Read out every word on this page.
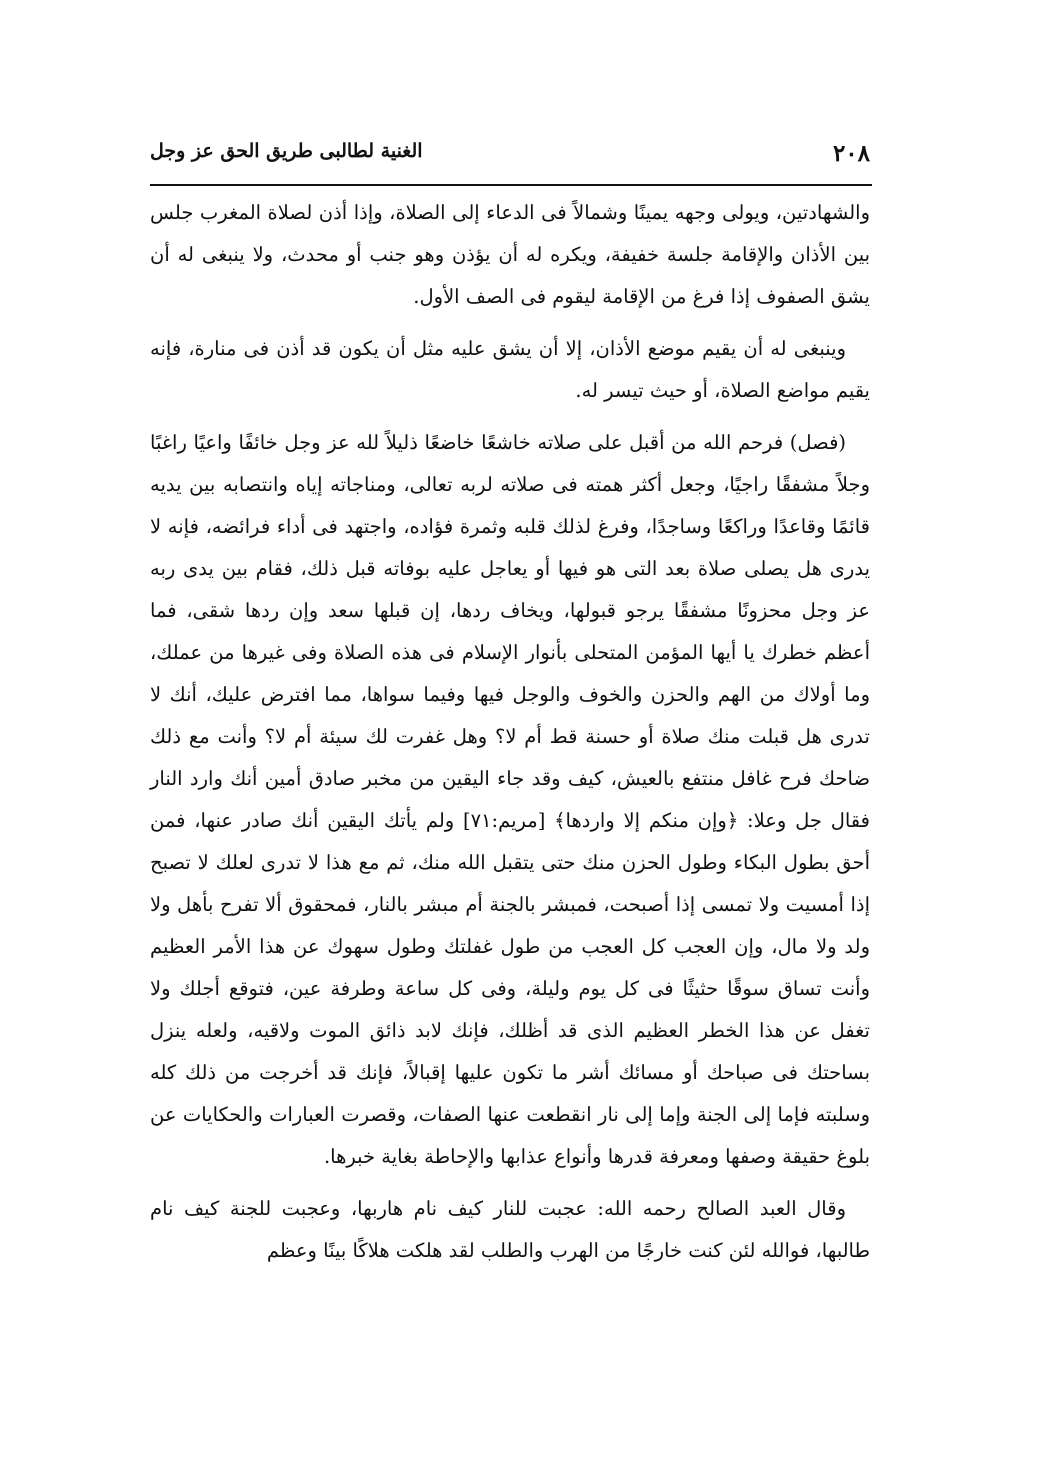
٢٠٨
الغنية لطالبى طريق الحق عز وجل

والشهادتين، ويولى وجهه يمينًا وشمالاً فى الدعاء إلى الصلاة، وإذا أذن لصلاة المغرب جلس بين الأذان والإقامة جلسة خفيفة، ويكره له أن يؤذن وهو جنب أو محدث، ولا ينبغى له أن يشق الصفوف إذا فرغ من الإقامة ليقوم فى الصف الأول.

وينبغى له أن يقيم موضع الأذان، إلا أن يشق عليه مثل أن يكون قد أذن فى منارة، فإنه يقيم مواضع الصلاة، أو حيث تيسر له.

(فصل) فرحم الله من أقبل على صلاته خاشعًا خاضعًا ذليلاً لله عز وجل خائفًا واعيًا راغبًا وجلاً مشفقًا راجيًا، وجعل أكثر همته فى صلاته لربه تعالى، ومناجاته إياه وانتصابه بين يديه قائمًا وقاعدًا وراكعًا وساجدًا، وفرغ لذلك قلبه وثمرة فؤاده، واجتهد فى أداء فرائضه، فإنه لا يدرى هل يصلى صلاة بعد التى هو فيها أو يعاجل عليه بوفاته قبل ذلك، فقام بين يدى ربه عز وجل محزونًا مشفقًا يرجو قبولها، ويخاف ردها، إن قبلها سعد وإن ردها شقى، فما أعظم خطرك يا أيها المؤمن المتحلى بأنوار الإسلام فى هذه الصلاة وفى غيرها من عملك، وما أولاك من الهم والحزن والخوف والوجل فيها وفيما سواها، مما افترض عليك، أنك لا تدرى هل قبلت منك صلاة أو حسنة قط أم لا؟ وهل غفرت لك سيئة أم لا؟ وأنت مع ذلك ضاحك فرح غافل منتفع بالعيش، كيف وقد جاء اليقين من مخبر صادق أمين أنك وارد النار فقال جل وعلا: ﴿وإن منكم إلا واردها﴾ [مريم:٧١] ولم يأتك اليقين أنك صادر عنها، فمن أحق بطول البكاء وطول الحزن منك حتى يتقبل الله منك، ثم مع هذا لا تدرى لعلك لا تصبح إذا أمسيت ولا تمسى إذا أصبحت، فمبشر بالجنة أم مبشر بالنار، فمحقوق ألا تفرح بأهل ولا ولد ولا مال، وإن العجب كل العجب من طول غفلتك وطول سهوك عن هذا الأمر العظيم وأنت تساق سوقًا حثيثًا فى كل يوم وليلة، وفى كل ساعة وطرفة عين، فتوقع أجلك ولا تغفل عن هذا الخطر العظيم الذى قد أظلك، فإنك لابد ذائق الموت ولاقيه، ولعله ينزل بساحتك فى صباحك أو مسائك أشر ما تكون عليها إقبالاً، فإنك قد أخرجت من ذلك كله وسلبته فإما إلى الجنة وإما إلى نار انقطعت عنها الصفات، وقصرت العبارات والحكايات عن بلوغ حقيقة وصفها ومعرفة قدرها وأنواع عذابها والإحاطة بغاية خبرها.

وقال العبد الصالح رحمه الله: عجبت للنار كيف نام هاربها، وعجبت للجنة كيف نام طالبها، فوالله لئن كنت خارجًا من الهرب والطلب لقد هلكت هلاكًا بينًا وعظم
